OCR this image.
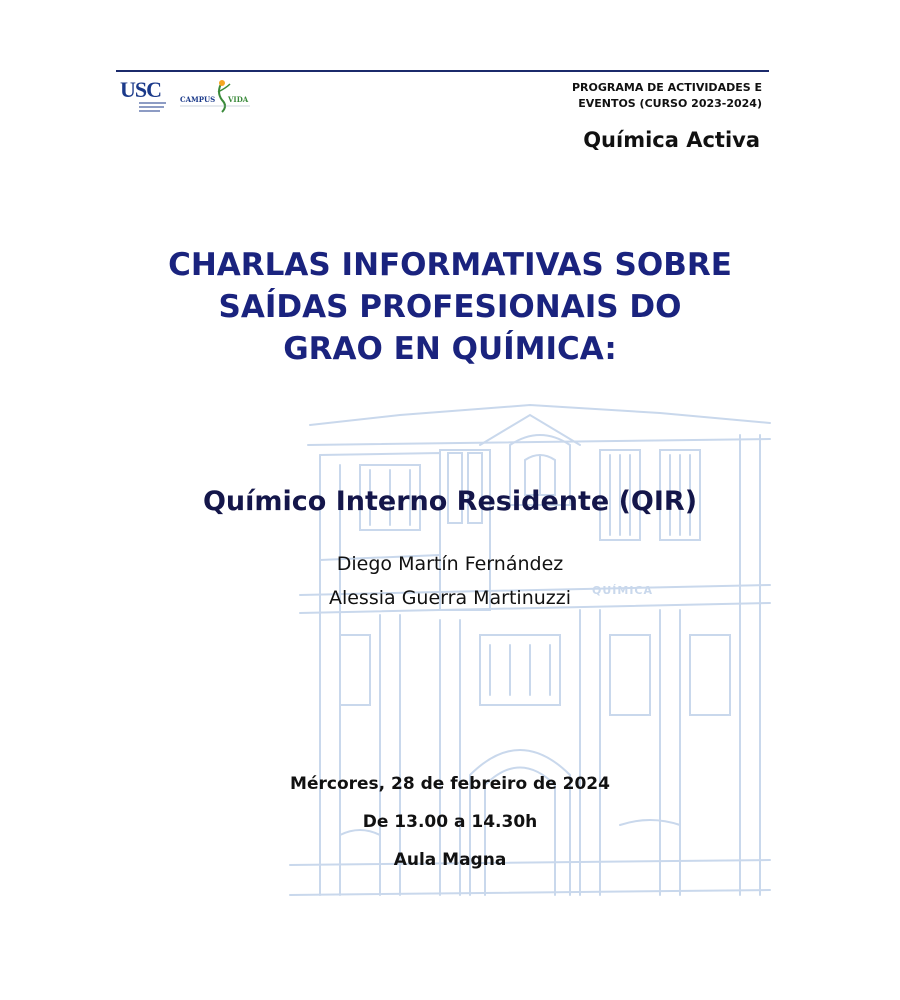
QUÍMICA
USC	CAMPUS VIDA
PROGRAMA DE ACTIVIDADES E
EVENTOS (CURSO 2023-2024)
Química Activa
CHARLAS INFORMATIVAS SOBRE
SAÍDAS PROFESIONAIS DO
GRAO EN QUÍMICA:
Químico Interno Residente (QIR)
Diego Martín Fernández
Alessia Guerra Martinuzzi
Mércores, 28 de febreiro de 2024
De 13.00 a 14.30h
Aula Magna
